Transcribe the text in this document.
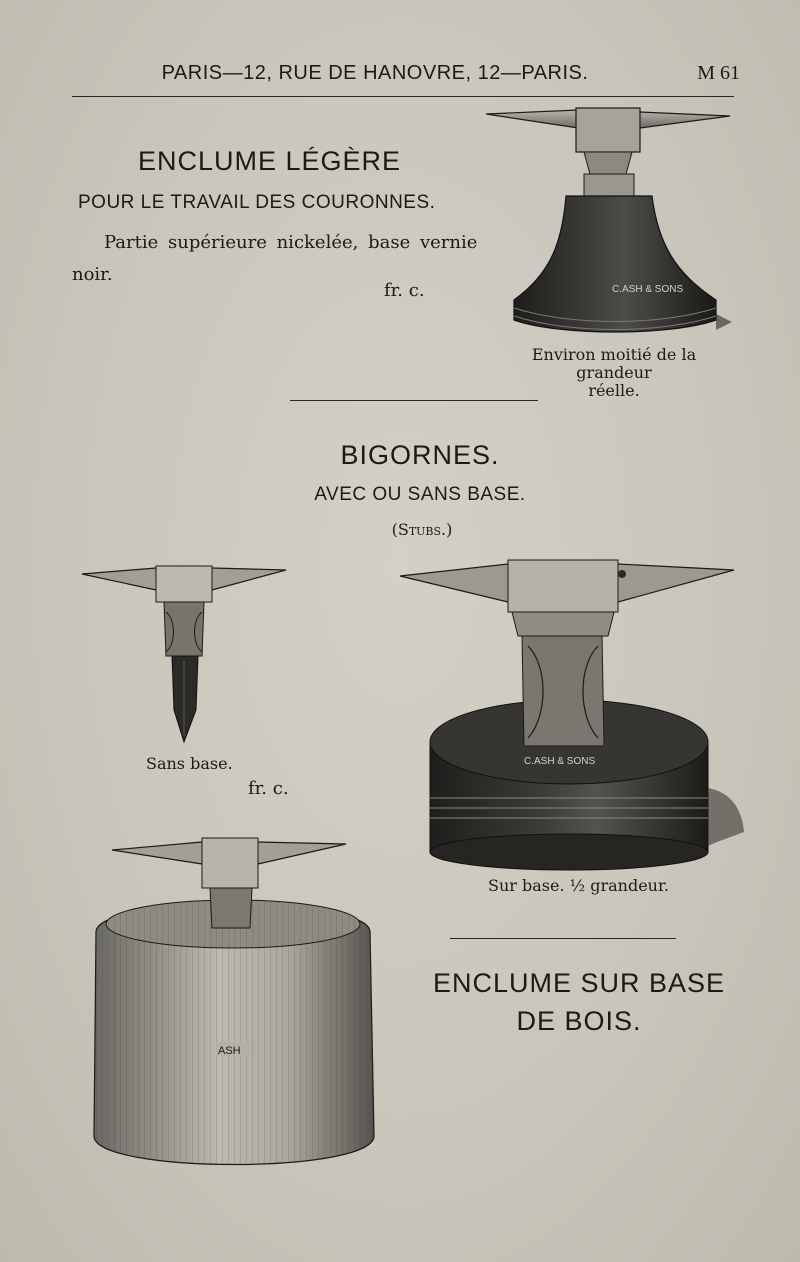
PARIS—12, RUE DE HANOVRE, 12—PARIS.	M 61
ENCLUME LÉGÈRE
POUR LE TRAVAIL DES COURONNES.
Partie supérieure nickelée, base vernie
noir.
fr. c.	C.ASH & SONS
Environ moitié de la grandeur
réelle.
BIGORNES.
AVEC OU SANS BASE.
(Stubs.)
Sans base.
fr. c.
C.ASH & SONS
Sur base. ½ grandeur.
ENCLUME SUR BASE
DE BOIS.
ASH
